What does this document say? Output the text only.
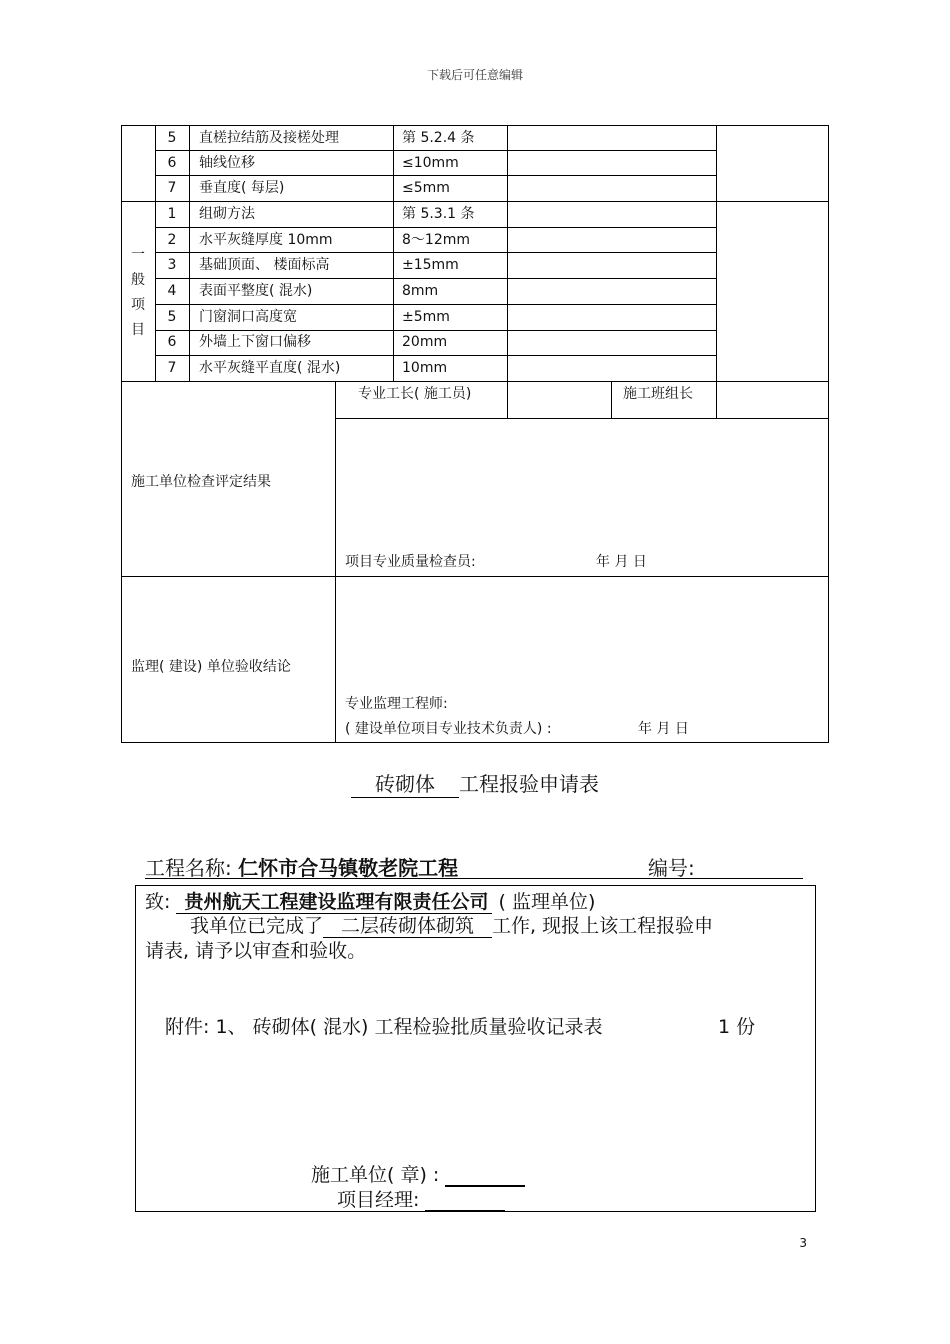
下载后可任意编辑
5	直槎拉结筋及接槎处理	第 5.2.4 条
6	轴线位移	≤10mm
7	垂直度( 每层)	≤5mm
一
般
项
目
1	组砌方法	第 5.3.1 条
2	水平灰缝厚度 10mm	8～12mm
3	基础顶面、 楼面标高	±15mm
4	表面平整度( 混水)	8mm
5	门窗洞口高度宽	±5mm
6	外墙上下窗口偏移	20mm
7	水平灰缝平直度( 混水)	10mm
专业工长( 施工员)	施工班组长
施工单位检查评定结果
项目专业质量检查员:	年 月 日
监理( 建设) 单位验收结论
专业监理工程师:
( 建设单位项目专业技术负责人) :	年 月 日
砖砌体 工程报验申请表
工程名称: 仁怀市合马镇敬老院工程	编号:
致: 贵州航天工程建设监理有限责任公司 ( 监理单位)
我单位已完成了 二层砖砌体砌筑 工作, 现报上该工程报验申
请表, 请予以审查和验收。
附件: 1、 砖砌体( 混水) 工程检验批质量验收记录表	1 份
施工单位( 章) :
项目经理:
3
